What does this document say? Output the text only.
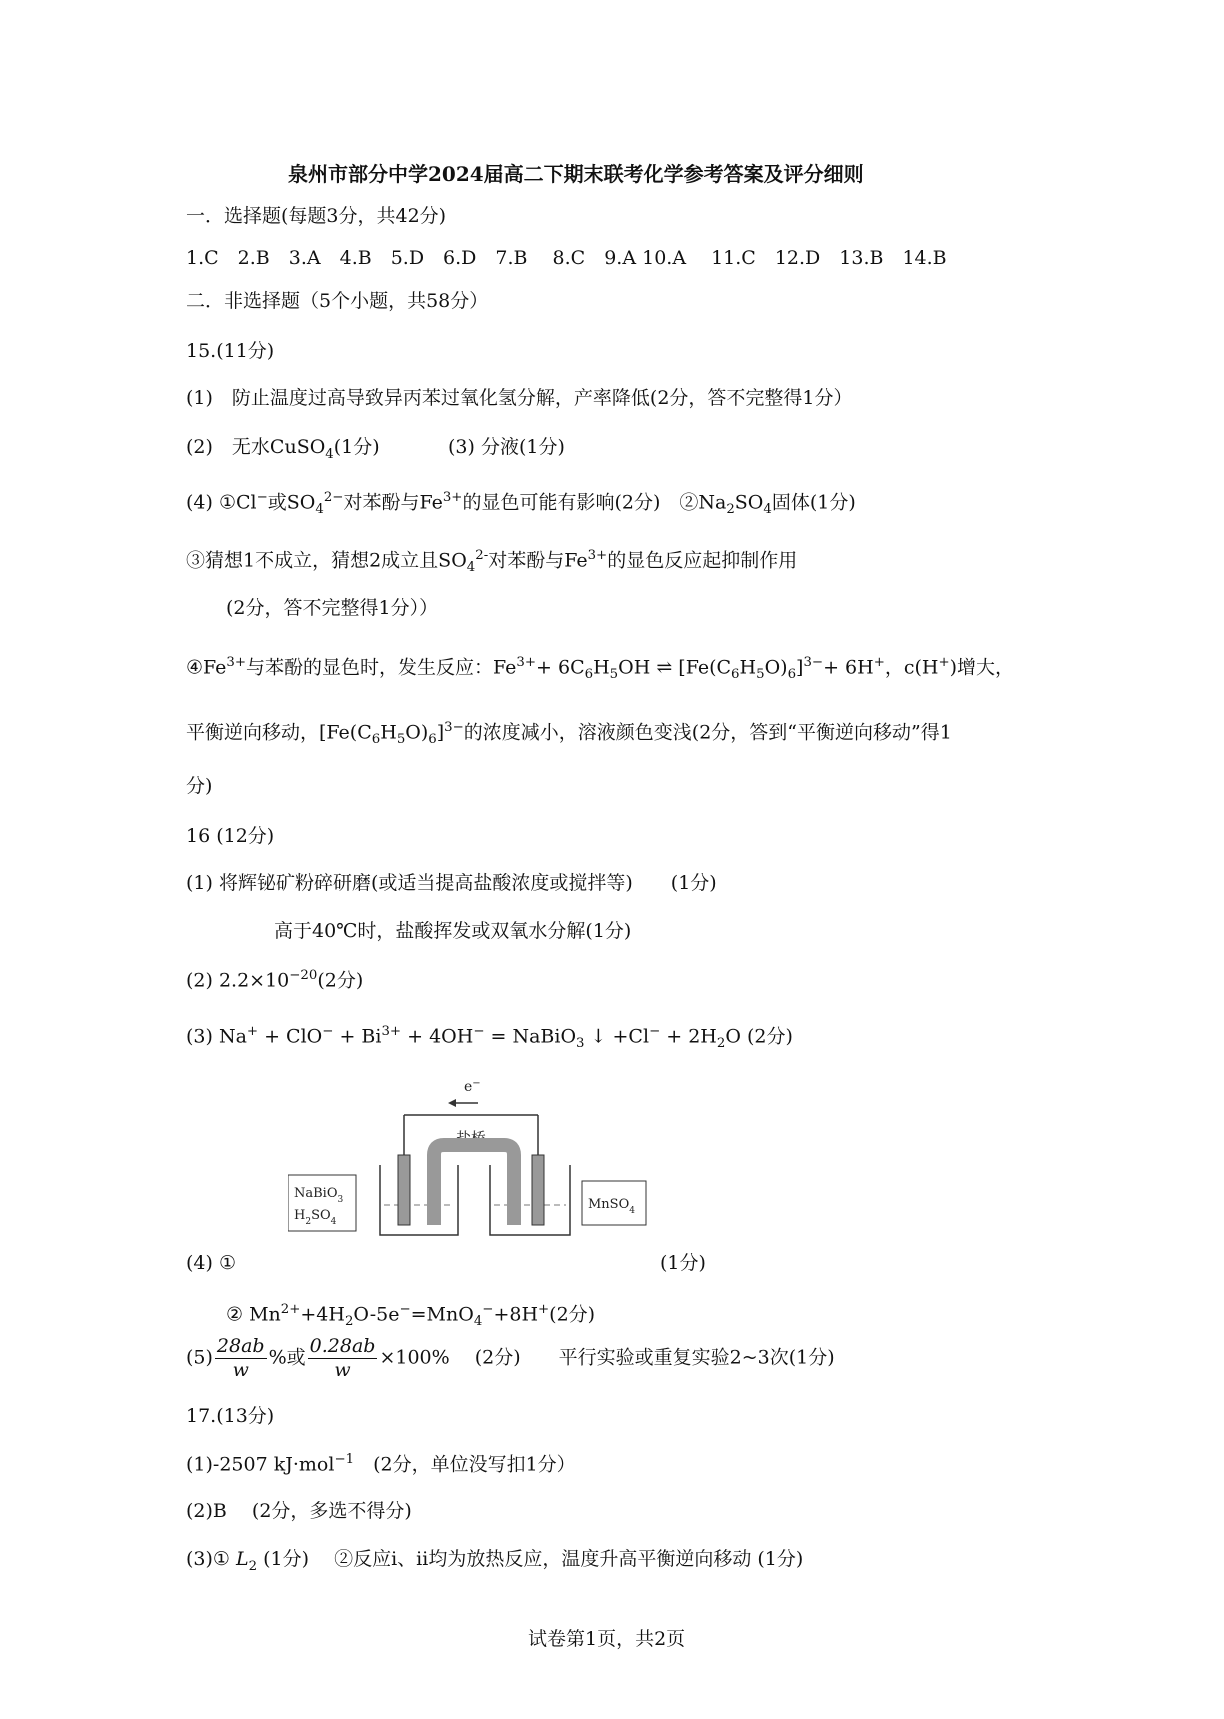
泉州市部分中学2024届高二下期末联考化学参考答案及评分细则
一．选择题(每题3分，共42分)
1.C　2.B　3.A　4.B　5.D　6.D　7.B　 8.C　9.A 10.A　 11.C　12.D　13.B　14.B
二．非选择题（5个小题，共58分）
15.(11分)
(1)　防止温度过高导致异丙苯过氧化氢分解，产率降低(2分，答不完整得1分）
(2)　无水CuSO$_4$(1分)	(3) 分液(1分)
(4) ①Cl−或$SO_4^{2-}$对苯酚与$Fe^{3+}$的显色可能有影响(2分)　$②Na_2SO_4$固体(1分)
③猜想1不成立，猜想2成立且$SO_4^{2-}$对苯酚与$Fe^{3+}$的显色反应起抑制作用
(2分，答不完整得1分））
$④Fe^{3+}$与苯酚的显色时，发生反应：$Fe^{3+}+ 6C_6H_5OH$ ⇌ $[Fe(C_6H_5O)_6]^{3-}+ 6H^+$，c(H+)增大，
平衡逆向移动，$[Fe(C_6H_5O)_6]^{3-}$的浓度减小，溶液颜色变浅(2分，答到“平衡逆向移动”得1
分)
16 (12分)
(1) 将辉铋矿粉碎研磨(或适当提高盐酸浓度或搅拌等)　　(1分)
高于40℃时，盐酸挥发或双氧水分解(1分)
(2) $2.2\times 10^{-20}(2$分)
(3) $Na^+ + ClO^- + Bi^{3+} + 4OH^-$ = NaBiO$_3$ ↓ $+Cl^- + 2H_2O$ (2分)
e−
盐桥
NaBiO$_3$
$H_2SO_4$
MnSO$_4$
(4) ①	(1分)
② $Mn^{2+}+4H_2O-5e^-=MnO_4^-+8H^+(2$分)
$(5) \frac{28ab}{w}$ %或 $\frac{0.28ab}{w} \times 100\%$　 (2分)　　平行实验或重复实验2~3次(1分)
17.(13分)
(1)-2507 kJ·mol$^{-1}$　 (2分，单位没写扣1分）
(2)B　 (2分，多选不得分)
(3)① $L_2$ (1分)　 ②反应ⅰ、ⅱ均为放热反应，温度升高平衡逆向移动 (1分)
试卷第1页，共2页
